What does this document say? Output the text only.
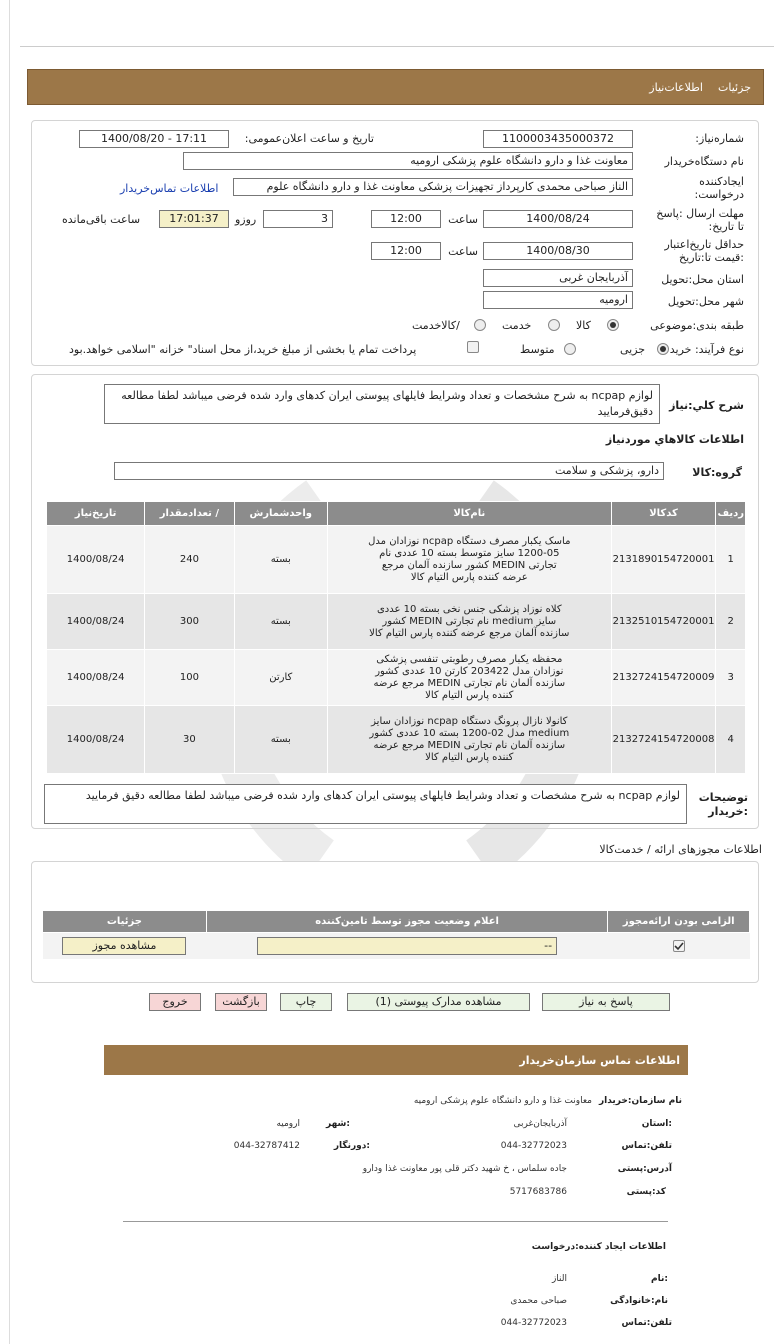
جزئیات
اطلاعات‌نیاز
شماره‌نیاز:
1100003435000372
تاریخ و ساعت اعلان‌عمومی:
1400/08/20 - 17:11
نام دستگاه‌خریدار
معاونت غذا و دارو دانشگاه علوم پزشکی ارومیه
ایجادکننده درخواست:
الناز صباحی محمدی کارپرداز تجهیزات پزشکی معاونت غذا و دارو دانشگاه علوم
اطلاعات تماس‌خریدار
مهلت ارسال :پاسخ تا تاریخ:
1400/08/24
ساعت
12:00
3
روزو
17:01:37
ساعت باقی‌مانده
حداقل تاریخ‌اعتبار :قیمت تا:تاریخ
1400/08/30
ساعت
12:00
استان محل:تحویل
آذربایجان غربی
شهر محل:تحویل
ارومیه
طبقه بندی:موضوعی
کالا
خدمت
/کالاخدمت
نوع فرآیند: خرید
جزیی
متوسط
پرداخت تمام یا بخشی از مبلغ خرید،از محل اسناد" خزانه "اسلامی خواهد.بود
شرح کلي:نياز
لوازم ncpap به شرح مشخصات و تعداد وشرایط فایلهای پیوستی ایران کدهای وارد شده فرضی میباشد لطفا مطالعه دقیق‌فرمایید
اطلاعات کالاهاي موردنياز
گروه:کالا
دارو، پزشکی و سلامت
رديف	کدکالا	نام‌کالا	واحدشمارش	/ تعدادمقدار	تاریخ‌نیاز
1	2131890154720001	ماسک یکبار مصرف دستگاه ncpap نوزادان مدل 05-1200 سایز متوسط بسته 10 عددی نام تجارتی MEDIN کشور سازنده آلمان مرجع عرضه کننده پارس التیام کالا	بسته	240	1400/08/24
2	2132510154720001	کلاه نوزاد پزشکی جنس نخی بسته 10 عددی سایز medium نام تجارتی MEDIN کشور سازنده آلمان مرجع عرضه کننده پارس التیام کالا	بسته	300	1400/08/24
3	2132724154720009	محفظه یکبار مصرف رطوبتی تنفسی پزشکی نوزادان مدل 203422 کارتن 10 عددی کشور سازنده آلمان نام تجارتی MEDIN مرجع عرضه کننده پارس التیام کالا	کارتن	100	1400/08/24
4	2132724154720008	کانولا نازال پرونگ دستگاه ncpap نوزادان سایز medium مدل 02-1200 بسته 10 عددی کشور سازنده آلمان نام تجارتی MEDIN مرجع عرضه کننده پارس التیام کالا	بسته	30	1400/08/24
توضیحات :خریدار
لوازم ncpap به شرح مشخصات و تعداد وشرایط فایلهای پیوستی ایران کدهای وارد شده فرضی میباشد لطفا مطالعه دقیق فرمایید
اطلاعات مجوزهای ارائه / خدمت‌کالا
الزامی بودن ارائه‌مجوز	اعلام وضعیت مجوز توسط تامین‌کننده	جزئیات

	--	مشاهده مجوز
پاسخ به نیاز
مشاهده مدارک پیوستی (1)
چاپ
بازگشت
خروج
اطلاعات تماس سازمان‌خریدار
نام سازمان:خریدار
معاونت غذا و دارو دانشگاه علوم پزشکی ارومیه
:استان
آذربایجان‌غربی
:شهر
ارومیه
تلفن:تماس
044-32772023
:دورنگار
044-32787412
آدرس:پستی
جاده سلماس ، خ شهید دکتر قلی پور معاونت غذا ودارو
کد:پستی
5717683786
اطلاعات ایجاد کننده:درخواست
:نام
الناز
نام:خانوادگی
صباحی محمدی
تلفن:تماس
044-32772023
